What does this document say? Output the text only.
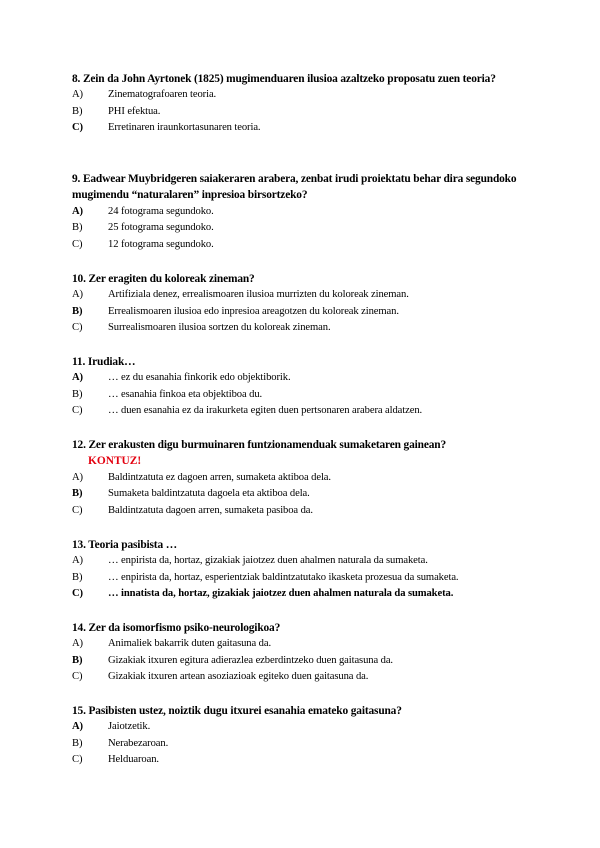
8. Zein da John Ayrtonek (1825) mugimenduaren ilusioa azaltzeko proposatu zuen teoria?
A)	Zinematografoaren teoria.
B)	PHI efektua.
C)	Erretinaren iraunkortasunaren teoria.
9. Eadwear Muybridgeren saiakeraren arabera, zenbat irudi proiektatu behar dira segundoko mugimendu “naturalaren” inpresioa birsortzeko?
A)	24 fotograma segundoko.
B)	25 fotograma segundoko.
C)	12 fotograma segundoko.
10. Zer eragiten du koloreak zineman?
A)	Artifiziala denez, errealismoaren ilusioa murrizten du koloreak zineman.
B)	Errealismoaren ilusioa edo inpresioa areagotzen du koloreak zineman.
C)	Surrealismoaren ilusioa sortzen du koloreak zineman.
11. Irudiak…
A)	… ez du esanahia finkorik edo objektiborik.
B)	… esanahia finkoa eta objektiboa du.
C)	… duen esanahia ez da irakurketa egiten duen pertsonaren arabera aldatzen.
12. Zer erakusten digu burmuinaren funtzionamenduak sumaketaren gainean?
KONTUZ!
A)	Baldintzatuta ez dagoen arren, sumaketa aktiboa dela.
B)	Sumaketa baldintzatuta dagoela eta aktiboa dela.
C)	Baldintzatuta dagoen arren, sumaketa pasiboa da.
13. Teoria pasibista …
A)	… enpirista da, hortaz, gizakiak jaiotzez duen ahalmen naturala da sumaketa.
B)	… enpirista da, hortaz, esperientziak baldintzatutako ikasketa prozesua da sumaketa.
C)	… innatista da, hortaz, gizakiak jaiotzez duen ahalmen naturala da sumaketa.
14. Zer da isomorfismo psiko-neurologikoa?
A)	Animaliek bakarrik duten gaitasuna da.
B)	Gizakiak itxuren egitura adierazlea ezberdintzeko duen gaitasuna da.
C)	Gizakiak itxuren artean asoziazioak egiteko duen gaitasuna da.
15. Pasibisten ustez, noiztik dugu itxurei esanahia emateko gaitasuna?
A)	Jaiotzetik.
B)	Nerabezaroan.
C)	Helduaroan.
